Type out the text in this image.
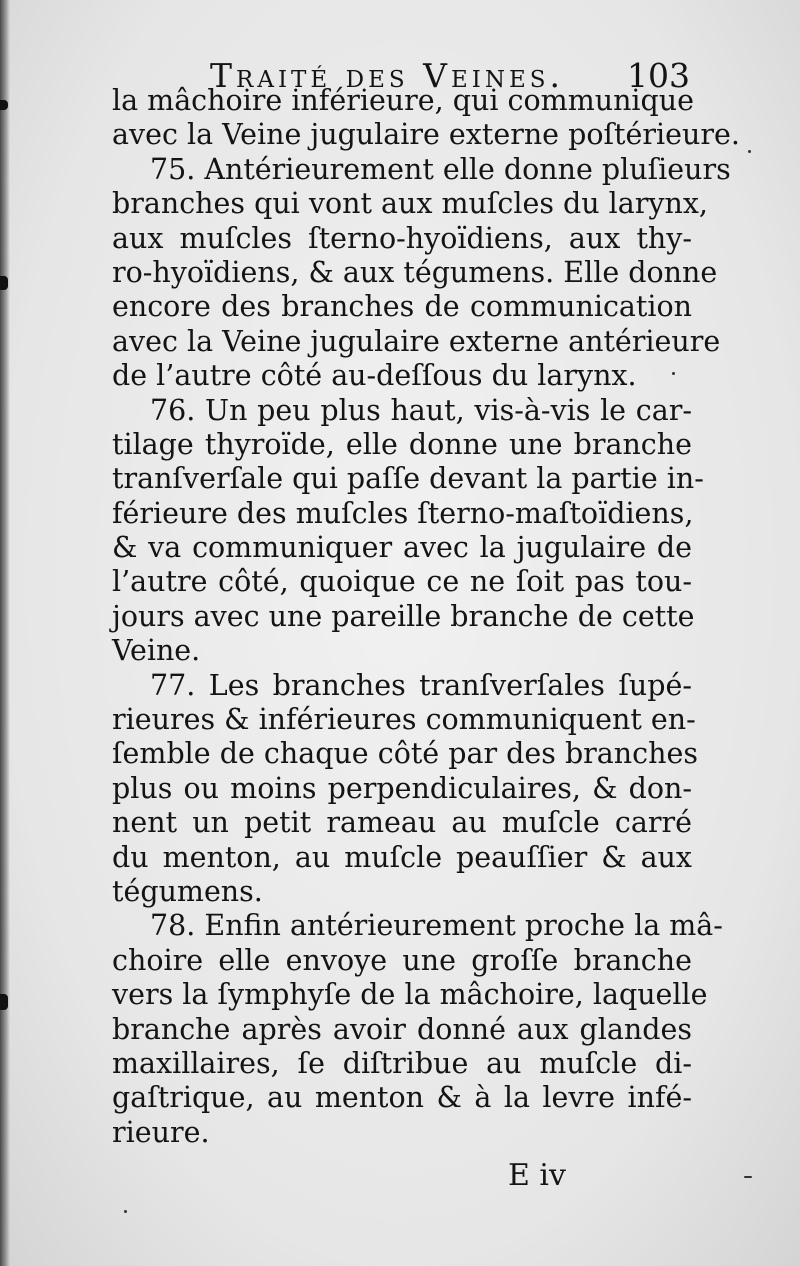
Traité des Veines. 103
la mâchoire inférieure, qui communique
avec la Veine jugulaire externe poſtérieure.
75. Antérieurement elle donne pluſieurs
branches qui vont aux muſcles du larynx,
aux muſcles ſterno-hyoïdiens, aux thy-
ro-hyoïdiens, & aux tégumens. Elle donne
encore des branches de communication
avec la Veine jugulaire externe antérieure
de l’autre côté au-deſſous du larynx.
76. Un peu plus haut, vis-à-vis le car-
tilage thyroïde, elle donne une branche
tranſverſale qui paſſe devant la partie in-
férieure des muſcles ſterno-maſtoïdiens,
& va communiquer avec la jugulaire de
l’autre côté, quoique ce ne ſoit pas tou-
jours avec une pareille branche de cette
Veine.
77. Les branches tranſverſales ſupé-
rieures & inférieures communiquent en-
ſemble de chaque côté par des branches
plus ou moins perpendiculaires, & don-
nent un petit rameau au muſcle carré
du menton, au muſcle peauſſier & aux
tégumens.
78. Enfin antérieurement proche la mâ-
choire elle envoye une groſſe branche
vers la ſymphyſe de la mâchoire, laquelle
branche après avoir donné aux glandes
maxillaires, ſe diſtribue au muſcle di-
gaſtrique, au menton & à la levre infé-
rieure.
E iv
